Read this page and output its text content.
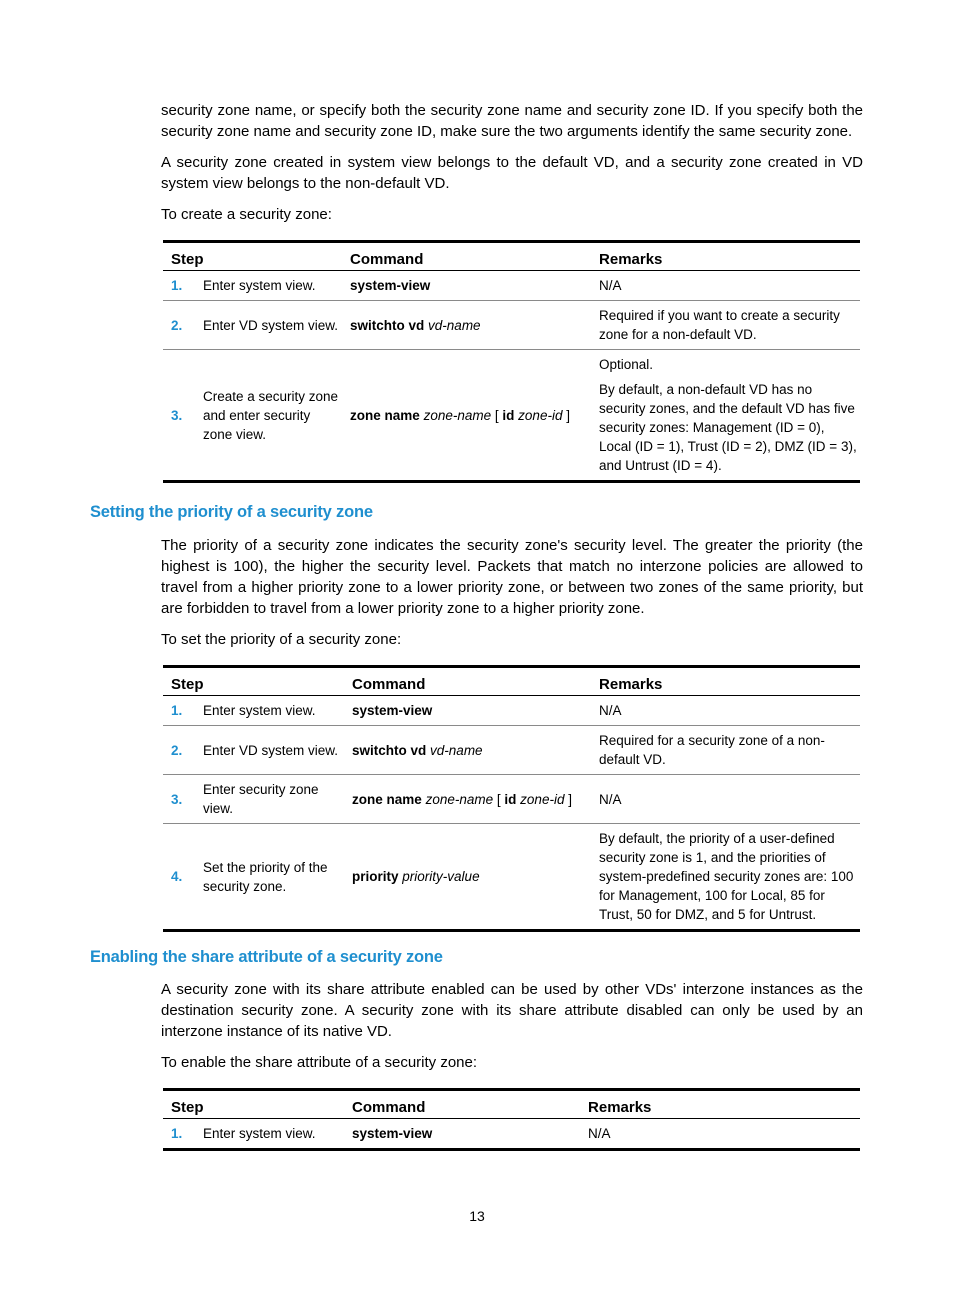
security zone name, or specify both the security zone name and security zone ID. If you specify both the security zone name and security zone ID, make sure the two arguments identify the same security zone.

A security zone created in system view belongs to the default VD, and a security zone created in VD system view belongs to the non-default VD.

To create a security zone:

Step		Command	Remarks
1.	Enter system view.	system-view	N/A

2.	Enter VD system view.	switchto vd vd-name	Required if you want to create a security zone for a non-default VD.

3.	Create a security zone and enter security zone view.	zone name zone-name [ id zone-id ]	Optional.

By default, a non-default VD has no security zones, and the default VD has five security zones: Management (ID = 0), Local (ID = 1), Trust (ID = 2), DMZ (ID = 3), and Untrust (ID = 4).

Setting the priority of a security zone

The priority of a security zone indicates the security zone's security level. The greater the priority (the highest is 100), the higher the security level. Packets that match no interzone policies are allowed to travel from a higher priority zone to a lower priority zone, or between two zones of the same priority, but are forbidden to travel from a lower priority zone to a higher priority zone.

To set the priority of a security zone:

Step		Command	Remarks
1.	Enter system view.	system-view	N/A

2.	Enter VD system view.	switchto vd vd-name	Required for a security zone of a non-default VD.

3.	Enter security zone view.	zone name zone-name [ id zone-id ]	N/A

4.	Set the priority of the security zone.	priority priority-value	By default, the priority of a user-defined security zone is 1, and the priorities of system-predefined security zones are: 100 for Management, 100 for Local, 85 for Trust, 50 for DMZ, and 5 for Untrust.

Enabling the share attribute of a security zone

A security zone with its share attribute enabled can be used by other VDs' interzone instances as the destination security zone. A security zone with its share attribute disabled can only be used by an interzone instance of its native VD.

To enable the share attribute of a security zone:

Step		Command	Remarks
1.	Enter system view.	system-view	N/A

13
